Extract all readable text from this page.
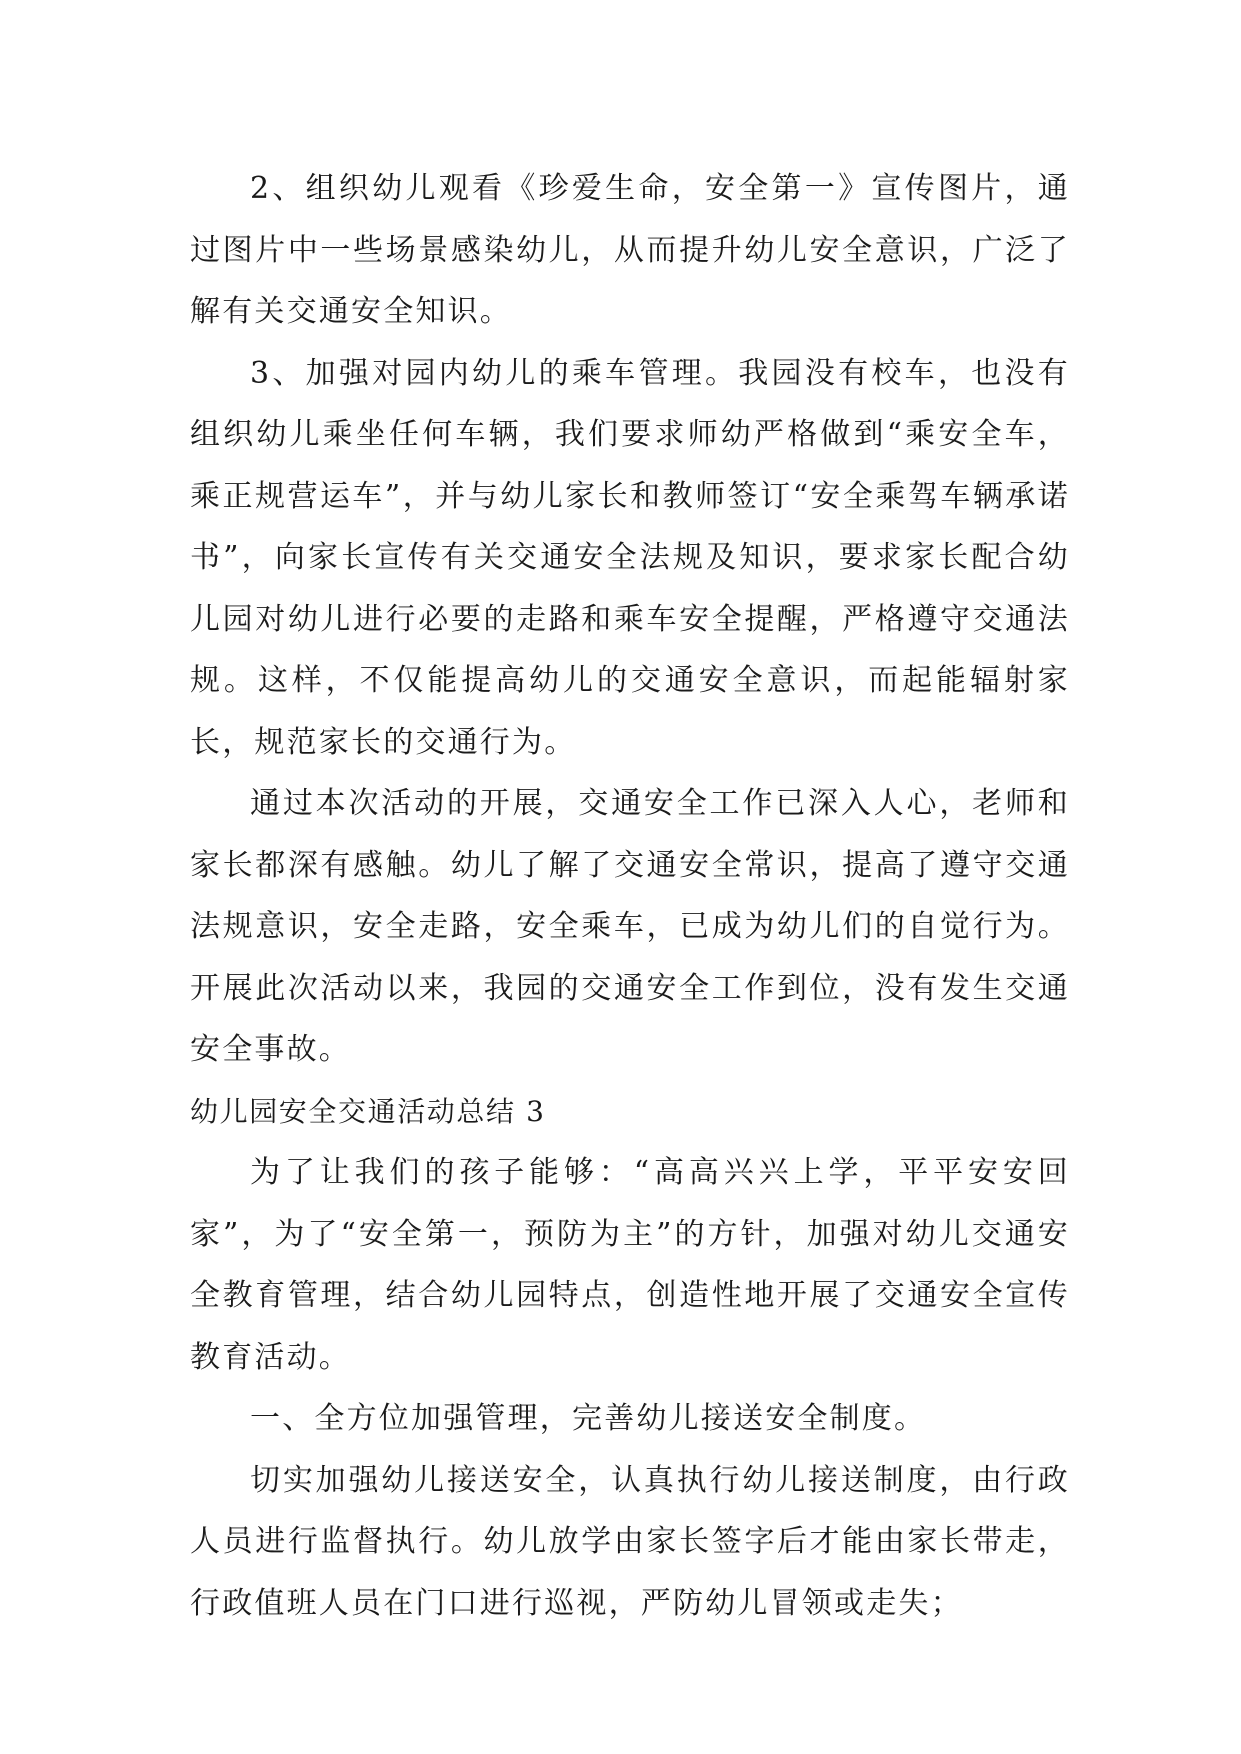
2、组织幼儿观看《珍爱生命，安全第一》宣传图片，通过图片中一些场景感染幼儿，从而提升幼儿安全意识，广泛了解有关交通安全知识。

3、加强对园内幼儿的乘车管理。我园没有校车，也没有组织幼儿乘坐任何车辆，我们要求师幼严格做到“乘安全车，乘正规营运车”，并与幼儿家长和教师签订“安全乘驾车辆承诺书”，向家长宣传有关交通安全法规及知识，要求家长配合幼儿园对幼儿进行必要的走路和乘车安全提醒，严格遵守交通法规。这样，不仅能提高幼儿的交通安全意识，而起能辐射家长，规范家长的交通行为。

通过本次活动的开展，交通安全工作已深入人心，老师和家长都深有感触。幼儿了解了交通安全常识，提高了遵守交通法规意识，安全走路，安全乘车，已成为幼儿们的自觉行为。开展此次活动以来，我园的交通安全工作到位，没有发生交通安全事故。

幼儿园安全交通活动总结 3

为了让我们的孩子能够：“高高兴兴上学，平平安安回家”，为了“安全第一，预防为主”的方针，加强对幼儿交通安全教育管理，结合幼儿园特点，创造性地开展了交通安全宣传教育活动。

一、全方位加强管理，完善幼儿接送安全制度。

切实加强幼儿接送安全，认真执行幼儿接送制度，由行政人员进行监督执行。幼儿放学由家长签字后才能由家长带走，行政值班人员在门口进行巡视，严防幼儿冒领或走失；
